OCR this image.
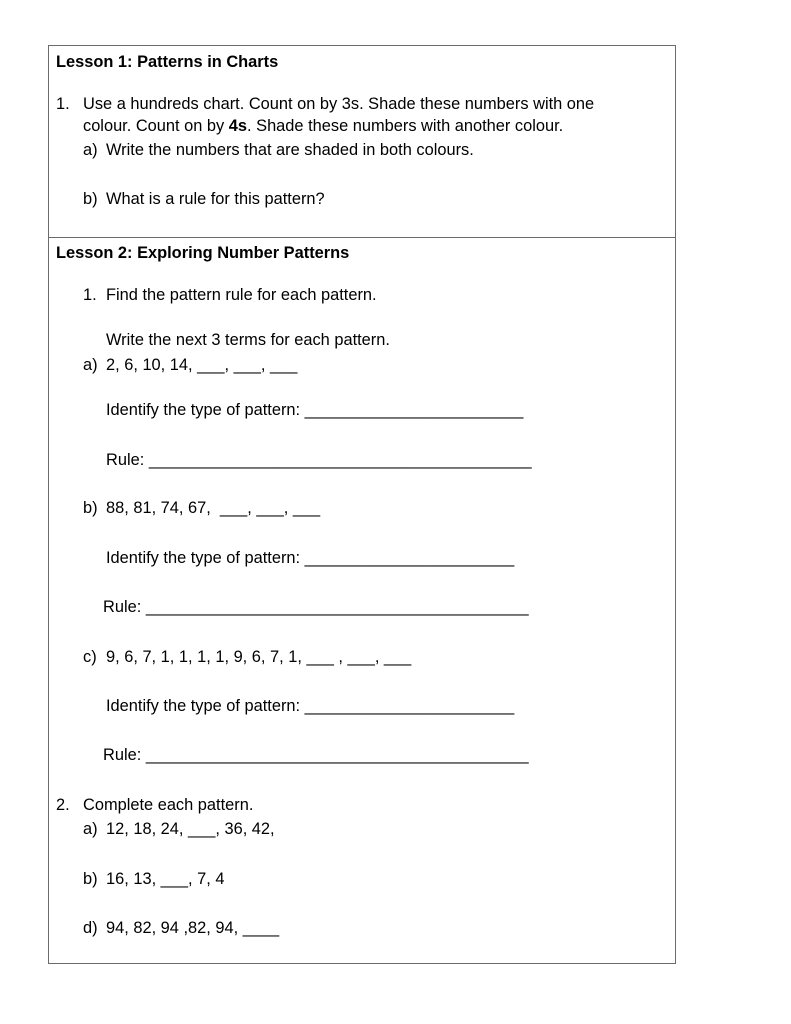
Lesson 1: Patterns in Charts
1. Use a hundreds chart. Count on by 3s. Shade these numbers with one
colour. Count on by 4s. Shade these numbers with another colour.
a) Write the numbers that are shaded in both colours.
b) What is a rule for this pattern?
Lesson 2: Exploring Number Patterns
1. Find the pattern rule for each pattern.
Write the next 3 terms for each pattern.
a) 2, 6, 10, 14, ___, ___, ___
Identify the type of pattern: ________________________
Rule: __________________________________________
b) 88, 81, 74, 67,  ___, ___, ___
Identify the type of pattern: _______________________
Rule: __________________________________________
c) 9, 6, 7, 1, 1, 1, 1, 9, 6, 7, 1, ___ , ___, ___
Identify the type of pattern: _______________________
Rule: __________________________________________
2. Complete each pattern.
a) 12, 18, 24, ___, 36, 42,
b) 16, 13, ___, 7, 4
d) 94, 82, 94 ,82, 94, ____
